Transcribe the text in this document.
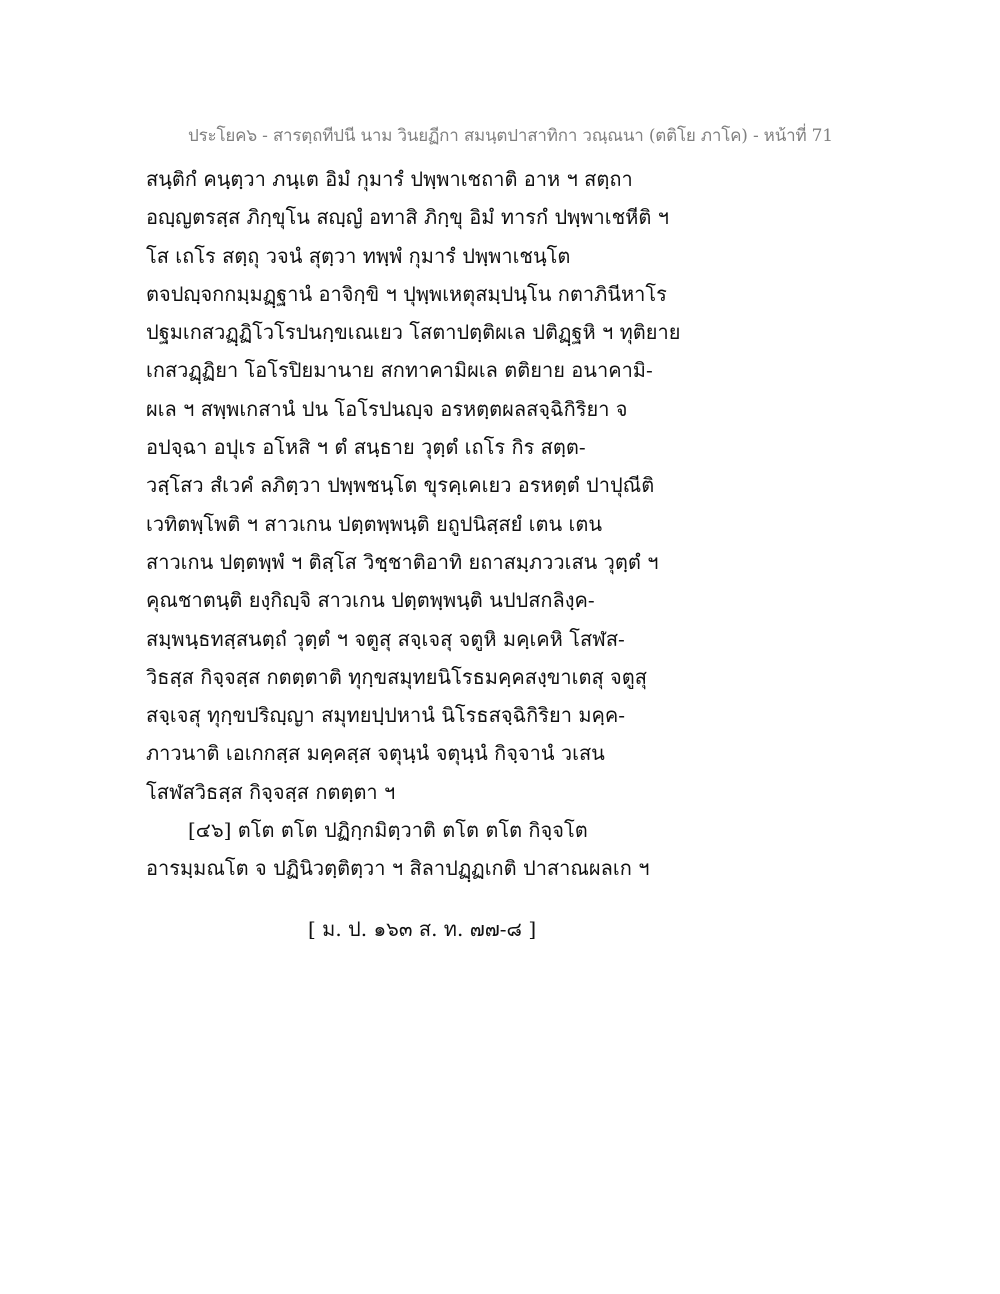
ประโยค๖ - สารตฺถทีปนี นาม วินยฏีกา สมนฺตปาสาทิกา วณฺณนา (ตติโย ภาโค) - หน้าที่ 71
สนฺติกํ คนฺตฺวา ภนฺเต อิมํ กุมารํ ปพฺพาเชถาติ อาห ฯ สตฺถา
อญฺญตรสฺส ภิกฺขุโน สญฺญํ อทาสิ ภิกฺขุ อิมํ ทารกํ ปพฺพาเชหีติ ฯ
โส เถโร สตฺถุ วจนํ สุตฺวา ทพฺพํ กุมารํ ปพฺพาเชนฺโต
ตจปญฺจกกมฺมฏฺฐานํ อาจิกฺขิ ฯ ปุพฺพเหตุสมฺปนฺโน กตาภินีหาโร
ปฐมเกสวฏฺฏิโวโรปนกฺขเณเยว โสตาปตฺติผเล ปติฏฺฐหิ ฯ ทุติยาย
เกสวฏฺฏิยา โอโรปิยมานาย สกทาคามิผเล ตติยาย อนาคามิ-
ผเล ฯ สพฺพเกสานํ ปน โอโรปนญฺจ อรหตฺตผลสจฺฉิกิริยา จ
อปจฺฉา อปุเร อโหสิ ฯ ตํ สนฺธาย วุตฺตํ เถโร กิร สตฺต-
วสฺโสว สํเวคํ ลภิตฺวา ปพฺพชนฺโต ขุรคฺเคเยว อรหตฺตํ ปาปุณีติ
เวทิตพฺโพติ ฯ สาวเกน ปตฺตพฺพนฺติ ยถูปนิสฺสยํ เตน เตน
สาวเกน ปตฺตพฺพํ ฯ ติสฺโส วิชฺชาติอาทิ ยถาสมฺภววเสน วุตฺตํ ฯ
คุณชาตนฺติ ยงฺกิญฺจิ สาวเกน ปตฺตพฺพนฺติ นปปสกลิงฺค-
สมฺพนฺธทสฺสนตฺถํ วุตฺตํ ฯ จตูสุ สจฺเจสุ จตูหิ มคฺเคหิ โสฬส-
วิธสฺส กิจฺจสฺส กตตฺตาติ ทุกฺขสมุทยนิโรธมคฺคสงฺขาเตสุ จตูสุ
สจฺเจสุ ทุกฺขปริญฺญา สมุทยปฺปหานํ นิโรธสจฺฉิกิริยา มคฺค-
ภาวนาติ เอเกกสฺส มคฺคสฺส จตุนฺนํ จตุนฺนํ กิจฺจานํ วเสน
โสฬสวิธสฺส กิจฺจสฺส กตตฺตา ฯ
[๔๖] ตโต ตโต ปฏิกฺกมิตฺวาติ ตโต ตโต กิจฺจโต
อารมฺมณโต จ ปฏินิวตฺติตฺวา ฯ สิลาปฏฺฏเกติ ปาสาณผลเก ฯ
[ ม. ป. ๑๖๓ ส. ท. ๗๗-๘ ]
